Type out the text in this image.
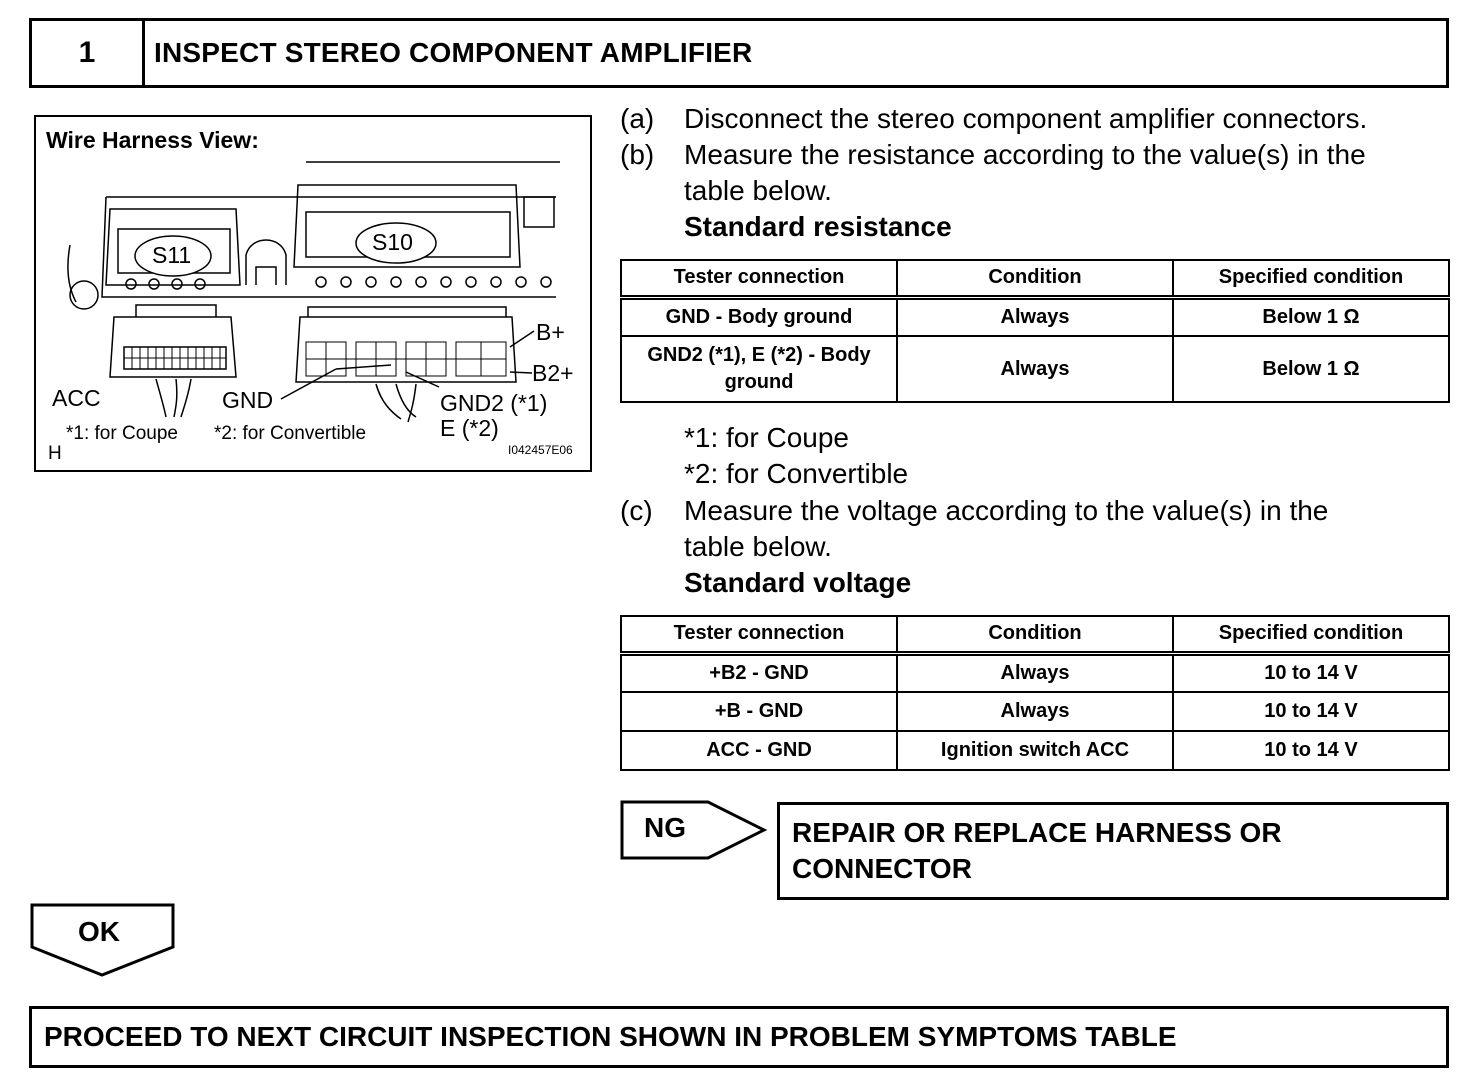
1	INSPECT STEREO COMPONENT AMPLIFIER
Wire Harness View:
S11	S10
B+
B2+
ACC	GND	GND2 (*1)
E (*2)
*1: for Coupe *2: for Convertible
H	I042457E06
(a) Disconnect the stereo component amplifier connectors.
(b) Measure the resistance according to the value(s) in the
table below.
Standard resistance
Tester connection	Condition	Specified condition
GND - Body ground	Always	Below 1 Ω
GND2 (*1), E (*2) - Body ground	Always	Below 1 Ω
*1: for Coupe
*2: for Convertible
(c) Measure the voltage according to the value(s) in the
table below.
Standard voltage
Tester connection	Condition	Specified condition
+B2 - GND	Always	10 to 14 V
+B - GND	Always	10 to 14 V
ACC - GND	Ignition switch ACC	10 to 14 V
NG	REPAIR OR REPLACE HARNESS OR
CONNECTOR
OK
PROCEED TO NEXT CIRCUIT INSPECTION SHOWN IN PROBLEM SYMPTOMS TABLE
